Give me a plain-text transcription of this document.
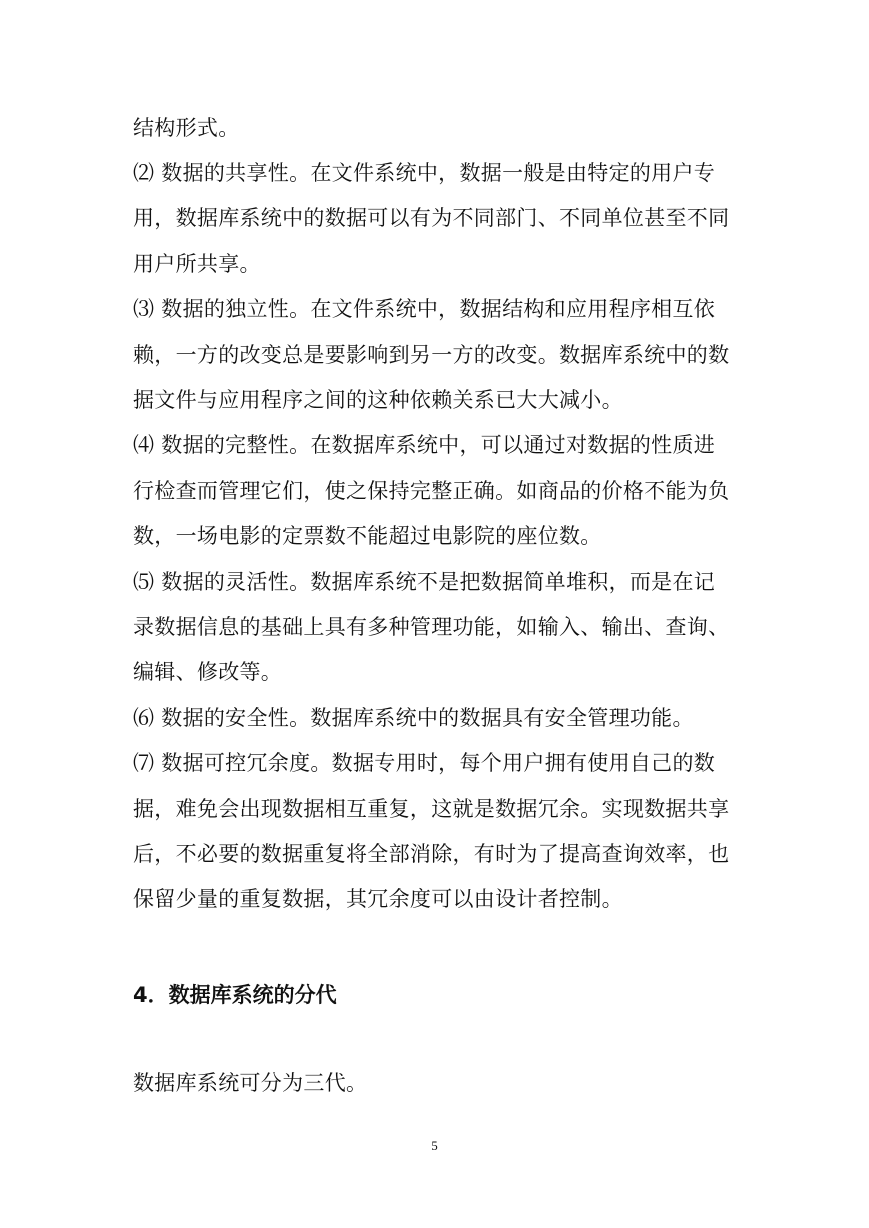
结构形式。
⑵ 数据的共享性。在文件系统中，数据一般是由特定的用户专
用，数据库系统中的数据可以有为不同部门、不同单位甚至不同
用户所共享。
⑶ 数据的独立性。在文件系统中，数据结构和应用程序相互依
赖，一方的改变总是要影响到另一方的改变。数据库系统中的数
据文件与应用程序之间的这种依赖关系已大大减小。
⑷ 数据的完整性。在数据库系统中，可以通过对数据的性质进
行检查而管理它们，使之保持完整正确。如商品的价格不能为负
数，一场电影的定票数不能超过电影院的座位数。
⑸ 数据的灵活性。数据库系统不是把数据简单堆积，而是在记
录数据信息的基础上具有多种管理功能，如输入、输出、查询、
编辑、修改等。
⑹ 数据的安全性。数据库系统中的数据具有安全管理功能。
⑺ 数据可控冗余度。数据专用时，每个用户拥有使用自己的数
据，难免会出现数据相互重复，这就是数据冗余。实现数据共享
后，不必要的数据重复将全部消除，有时为了提高查询效率，也
保留少量的重复数据，其冗余度可以由设计者控制。
4．数据库系统的分代
数据库系统可分为三代。
5
